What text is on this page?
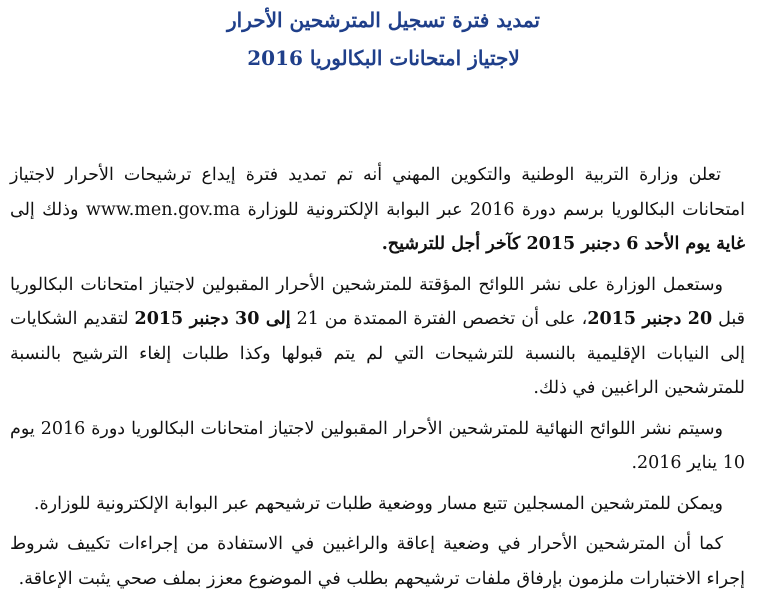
تمديد فترة تسجيل المترشحين الأحرار
لاجتياز امتحانات البكالوريا 2016

تعلن وزارة التربية الوطنية والتكوين المهني أنه تم تمديد فترة إيداع ترشيحات الأحرار لاجتياز امتحانات البكالوريا برسم دورة 2016 عبر البوابة الإلكترونية للوزارة www.men.gov.ma وذلك إلى غاية يوم الأحد 6 دجنبر 2015 كآخر أجل للترشيح.

وستعمل الوزارة على نشر اللوائح المؤقتة للمترشحين الأحرار المقبولين لاجتياز امتحانات البكالوريا قبل 20 دجنبر 2015، على أن تخصص الفترة الممتدة من 21 إلى 30 دجنبر 2015 لتقديم الشكايات إلى النيابات الإقليمية بالنسبة للترشيحات التي لم يتم قبولها وكذا طلبات إلغاء الترشيح بالنسبة للمترشحين الراغبين في ذلك.

وسيتم نشر اللوائح النهائية للمترشحين الأحرار المقبولين لاجتياز امتحانات البكالوريا دورة 2016 يوم 10 يناير 2016.

ويمكن للمترشحين المسجلين تتبع مسار ووضعية طلبات ترشيحهم عبر البوابة الإلكترونية للوزارة.

كما أن المترشحين الأحرار في وضعية إعاقة والراغبين في الاستفادة من إجراءات تكييف شروط إجراء الاختبارات ملزمون بإرفاق ملفات ترشيحهم بطلب في الموضوع معزز بملف صحي يثبت الإعاقة.
